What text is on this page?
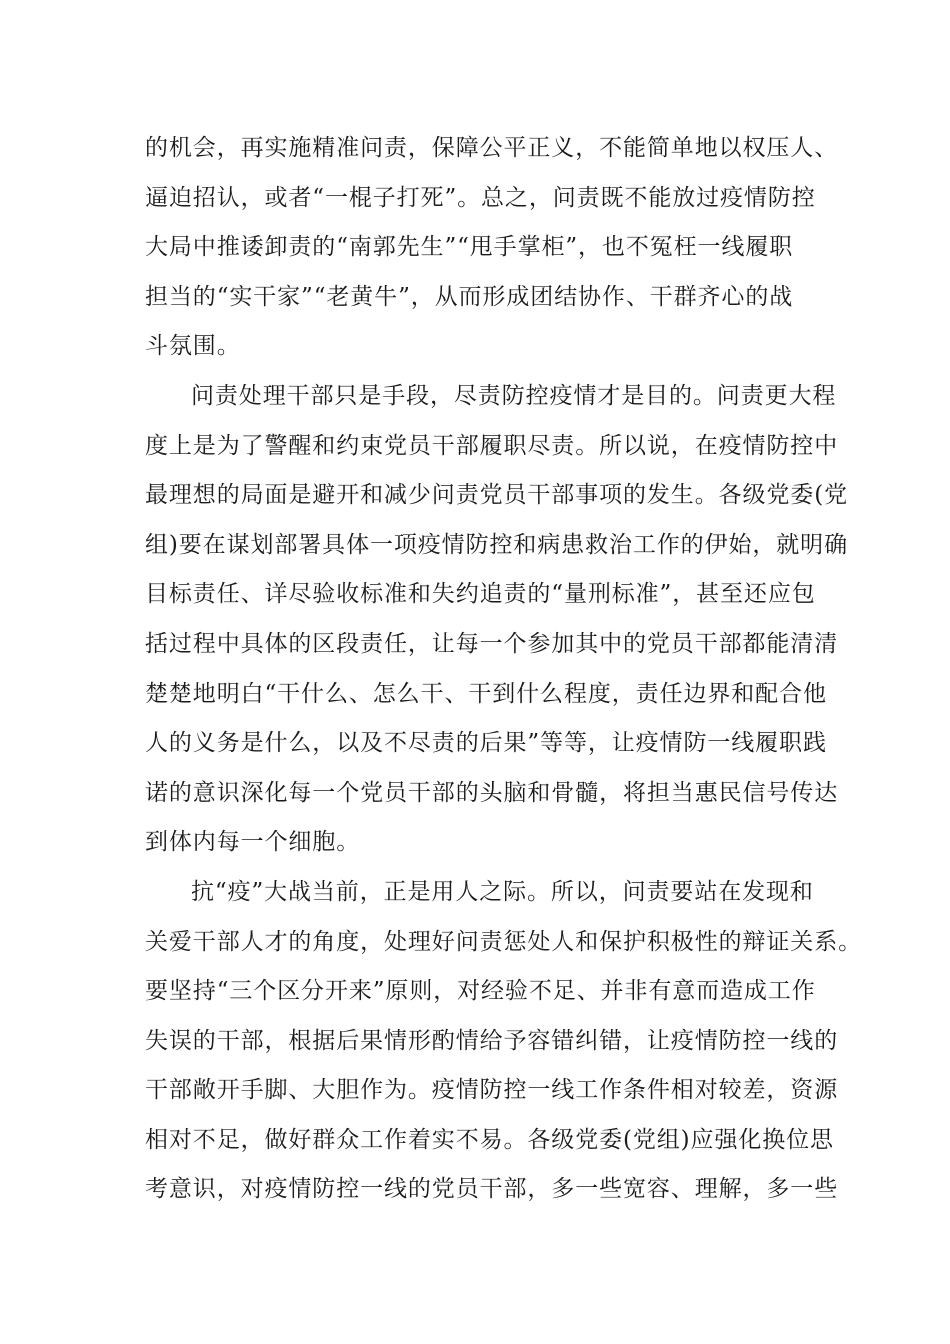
的机会，再实施精准问责，保障公平正义，不能简单地以权压人、
逼迫招认，或者“一棍子打死”。总之，问责既不能放过疫情防控
大局中推诿卸责的“南郭先生”“甩手掌柜”，也不冤枉一线履职
担当的“实干家”“老黄牛”，从而形成团结协作、干群齐心的战
斗氛围。
问责处理干部只是手段，尽责防控疫情才是目的。问责更大程
度上是为了警醒和约束党员干部履职尽责。所以说，在疫情防控中
最理想的局面是避开和减少问责党员干部事项的发生。各级党委(党
组)要在谋划部署具体一项疫情防控和病患救治工作的伊始，就明确
目标责任、详尽验收标准和失约追责的“量刑标准”，甚至还应包
括过程中具体的区段责任，让每一个参加其中的党员干部都能清清
楚楚地明白“干什么、怎么干、干到什么程度，责任边界和配合他
人的义务是什么，以及不尽责的后果”等等，让疫情防一线履职践
诺的意识深化每一个党员干部的头脑和骨髓，将担当惠民信号传达
到体内每一个细胞。
抗“疫”大战当前，正是用人之际。所以，问责要站在发现和
关爱干部人才的角度，处理好问责惩处人和保护积极性的辩证关系。
要坚持“三个区分开来”原则，对经验不足、并非有意而造成工作
失误的干部，根据后果情形酌情给予容错纠错，让疫情防控一线的
干部敞开手脚、大胆作为。疫情防控一线工作条件相对较差，资源
相对不足，做好群众工作着实不易。各级党委(党组)应强化换位思
考意识，对疫情防控一线的党员干部，多一些宽容、理解，多一些
